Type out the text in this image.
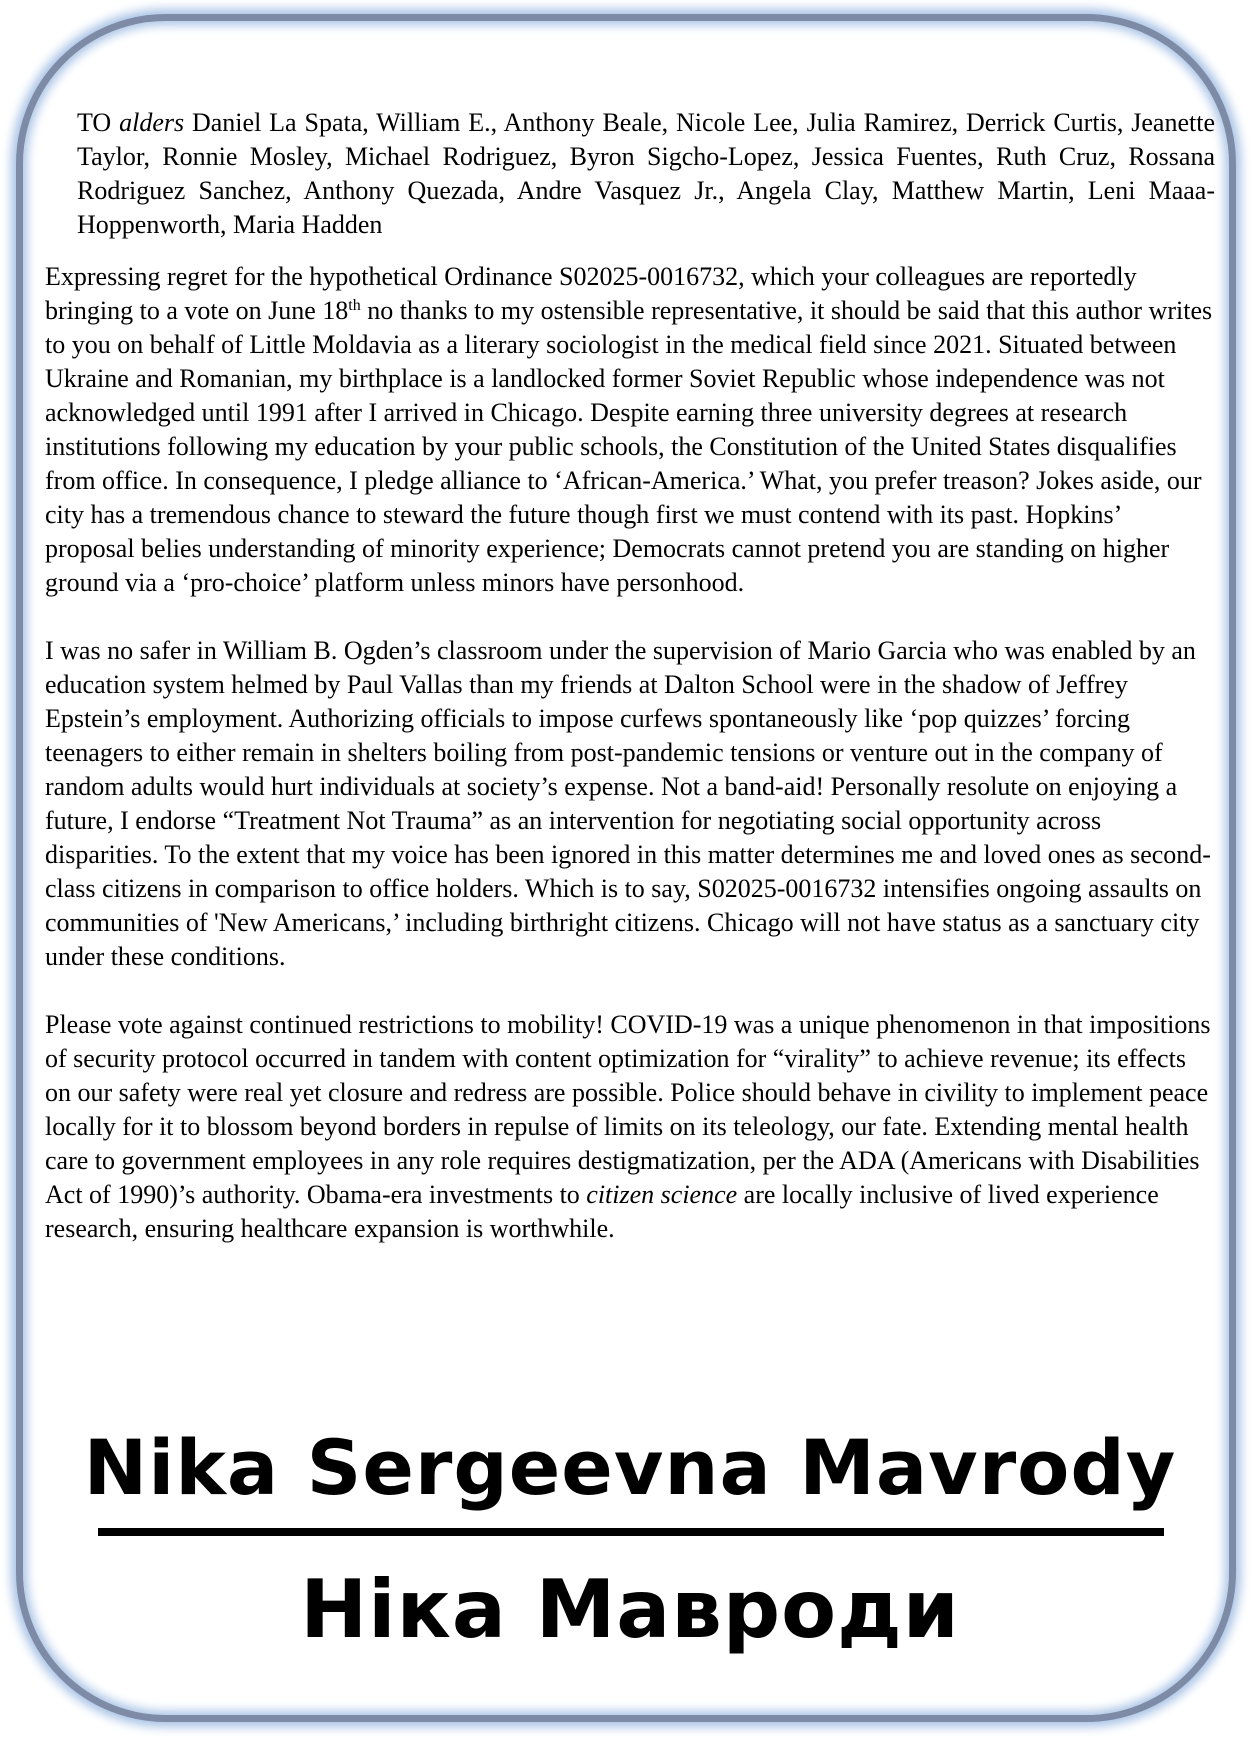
TO alders Daniel La Spata, William E., Anthony Beale, Nicole Lee, Julia Ramirez, Derrick Curtis, Jeanette Taylor, Ronnie Mosley, Michael Rodriguez, Byron Sigcho-Lopez, Jessica Fuentes, Ruth Cruz, Rossana Rodriguez Sanchez, Anthony Quezada, Andre Vasquez Jr., Angela Clay, Matthew Martin, Leni Maaa-Hoppenworth, Maria Hadden

Expressing regret for the hypothetical Ordinance S02025-0016732, which your colleagues are reportedly bringing to a vote on June 18th no thanks to my ostensible representative, it should be said that this author writes to you on behalf of Little Moldavia as a literary sociologist in the medical field since 2021. Situated between Ukraine and Romanian, my birthplace is a landlocked former Soviet Republic whose independence was not acknowledged until 1991 after I arrived in Chicago. Despite earning three university degrees at research institutions following my education by your public schools, the Constitution of the United States disqualifies from office. In consequence, I pledge alliance to ‘African-America.’ What, you prefer treason? Jokes aside, our city has a tremendous chance to steward the future though first we must contend with its past. Hopkins’ proposal belies understanding of minority experience; Democrats cannot pretend you are standing on higher ground via a ‘pro-choice’ platform unless minors have personhood.

I was no safer in William B. Ogden’s classroom under the supervision of Mario Garcia who was enabled by an education system helmed by Paul Vallas than my friends at Dalton School were in the shadow of Jeffrey Epstein’s employment. Authorizing officials to impose curfews spontaneously like ‘pop quizzes’ forcing teenagers to either remain in shelters boiling from post-pandemic tensions or venture out in the company of random adults would hurt individuals at society’s expense. Not a band-aid! Personally resolute on enjoying a future, I endorse “Treatment Not Trauma” as an intervention for negotiating social opportunity across disparities. To the extent that my voice has been ignored in this matter determines me and loved ones as second-class citizens in comparison to office holders. Which is to say, S02025-0016732 intensifies ongoing assaults on communities of 'New Americans,’ including birthright citizens. Chicago will not have status as a sanctuary city under these conditions.

Please vote against continued restrictions to mobility! COVID-19 was a unique phenomenon in that impositions of security protocol occurred in tandem with content optimization for “virality” to achieve revenue; its effects on our safety were real yet closure and redress are possible. Police should behave in civility to implement peace locally for it to blossom beyond borders in repulse of limits on its teleology, our fate. Extending mental health care to government employees in any role requires destigmatization, per the ADA (Americans with Disabilities Act of 1990)’s authority. Obama-era investments to citizen science are locally inclusive of lived experience research, ensuring healthcare expansion is worthwhile.

Nika Sergeevna Mavrody
Ніка Мавроди
